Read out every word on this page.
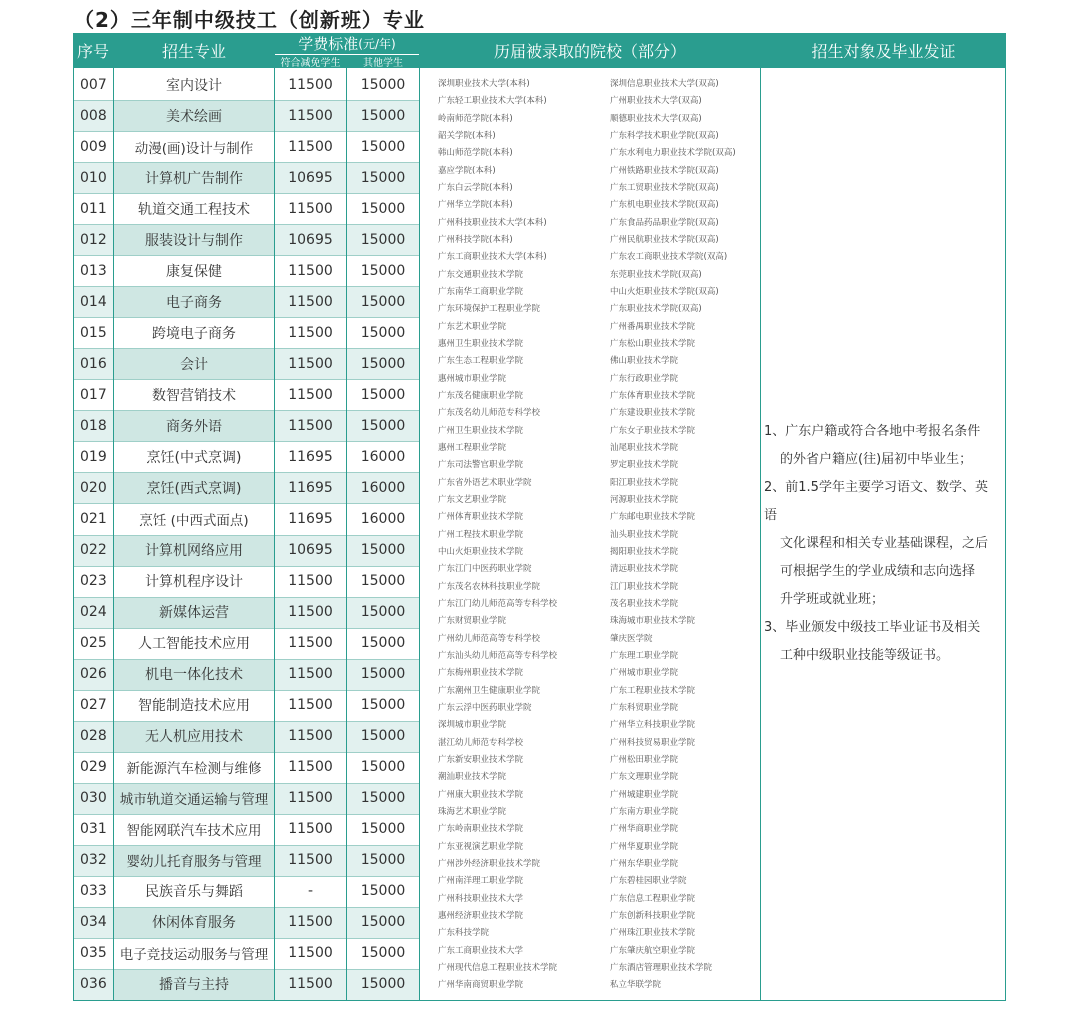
（2）三年制中级技工（创新班）专业
序号	招生专业	学费标准 (元/年)
符合减免学生	其他学生
历届被录取的院校（部分）	招生对象及毕业发证
1、广东户籍或符合各地中考报名条件
的外省户籍应(往)届初中毕业生；
2、前1.5学年主要学习语文、数学、英语
文化课程和相关专业基础课程，之后
可根据学生的学业成绩和志向选择
升学班或就业班；
3、毕业颁发中级技工毕业证书及相关
工种中级职业技能等级证书。
007	室内设计	11500	15000
008	美术绘画	11500	15000
009	动漫(画)设计与制作	11500	15000
010	计算机广告制作	10695	15000
011	轨道交通工程技术	11500	15000
012	服装设计与制作	10695	15000
013	康复保健	11500	15000
014	电子商务	11500	15000
015	跨境电子商务	11500	15000
016	会计	11500	15000
017	数智营销技术	11500	15000
018	商务外语	11500	15000
019	烹饪(中式烹调)	11695	16000
020	烹饪(西式烹调)	11695	16000
021	烹饪 (中西式面点)	11695	16000
022	计算机网络应用	10695	15000
023	计算机程序设计	11500	15000
024	新媒体运营	11500	15000
025	人工智能技术应用	11500	15000
026	机电一体化技术	11500	15000
027	智能制造技术应用	11500	15000
028	无人机应用技术	11500	15000
029	新能源汽车检测与维修	11500	15000
030 城市轨道交通运输与管理	11500	15000
031	智能网联汽车技术应用	11500	15000
032	婴幼儿托育服务与管理	11500	15000
033	民族音乐与舞蹈	-	15000
034	休闲体育服务	11500	15000
035 电子竞技运动服务与管理	11500	15000
036	播音与主持	11500	15000
深圳职业技术大学(本科)
广东轻工职业技术大学(本科)
岭南师范学院(本科)
韶关学院(本科)
韩山师范学院(本科)
嘉应学院(本科)
广东白云学院(本科)
广州华立学院(本科)
广州科技职业技术大学(本科)
广州科技学院(本科)
广东工商职业技术大学(本科)
广东交通职业技术学院
广东南华工商职业学院
广东环境保护工程职业学院
广东艺术职业学院
惠州卫生职业技术学院
广东生态工程职业学院
惠州城市职业学院
广东茂名健康职业学院
广东茂名幼儿师范专科学校
广州卫生职业技术学院
惠州工程职业学院
广东司法警官职业学院
广东省外语艺术职业学院
广东文艺职业学院
广州体育职业技术学院
广州工程技术职业学院
中山火炬职业技术学院
广东江门中医药职业学院
广东茂名农林科技职业学院
广东江门幼儿师范高等专科学校
广东财贸职业学院
广州幼儿师范高等专科学校
广东汕头幼儿师范高等专科学校
广东梅州职业技术学院
广东潮州卫生健康职业学院
广东云浮中医药职业学院
深圳城市职业学院
湛江幼儿师范专科学校
广东新安职业技术学院
潮汕职业技术学院
广州康大职业技术学院
珠海艺术职业学院
广东岭南职业技术学院
广东亚视演艺职业学院
广州涉外经济职业技术学院
广州南洋理工职业学院
广州科技职业技术大学
惠州经济职业技术学院
广东科技学院
广东工商职业技术大学
广州现代信息工程职业技术学院
广州华南商贸职业学院
深圳信息职业技术大学(双高)
广州职业技术大学(双高)
顺德职业技术大学(双高)
广东科学技术职业学院(双高)
广东水利电力职业技术学院(双高)
广州铁路职业技术学院(双高)
广东工贸职业技术学院(双高)
广东机电职业技术学院(双高)
广东食品药品职业学院(双高)
广州民航职业技术学院(双高)
广东农工商职业技术学院(双高)
东莞职业技术学院(双高)
中山火炬职业技术学院(双高)
广东职业技术学院(双高)
广州番禺职业技术学院
广东松山职业技术学院
佛山职业技术学院
广东行政职业学院
广东体育职业技术学院
广东建设职业技术学院
广东女子职业技术学院
汕尾职业技术学院
罗定职业技术学院
阳江职业技术学院
河源职业技术学院
广东邮电职业技术学院
汕头职业技术学院
揭阳职业技术学院
清远职业技术学院
江门职业技术学院
茂名职业技术学院
珠海城市职业技术学院
肇庆医学院
广东理工职业学院
广州城市职业学院
广东工程职业技术学院
广东科贸职业学院
广州华立科技职业学院
广州科技贸易职业学院
广州松田职业学院
广东文理职业学院
广州城建职业学院
广东南方职业学院
广州华商职业学院
广州华夏职业学院
广州东华职业学院
广东碧桂园职业学院
广东信息工程职业学院
广东创新科技职业学院
广州珠江职业技术学院
广东肇庆航空职业学院
广东酒店管理职业技术学院
私立华联学院
